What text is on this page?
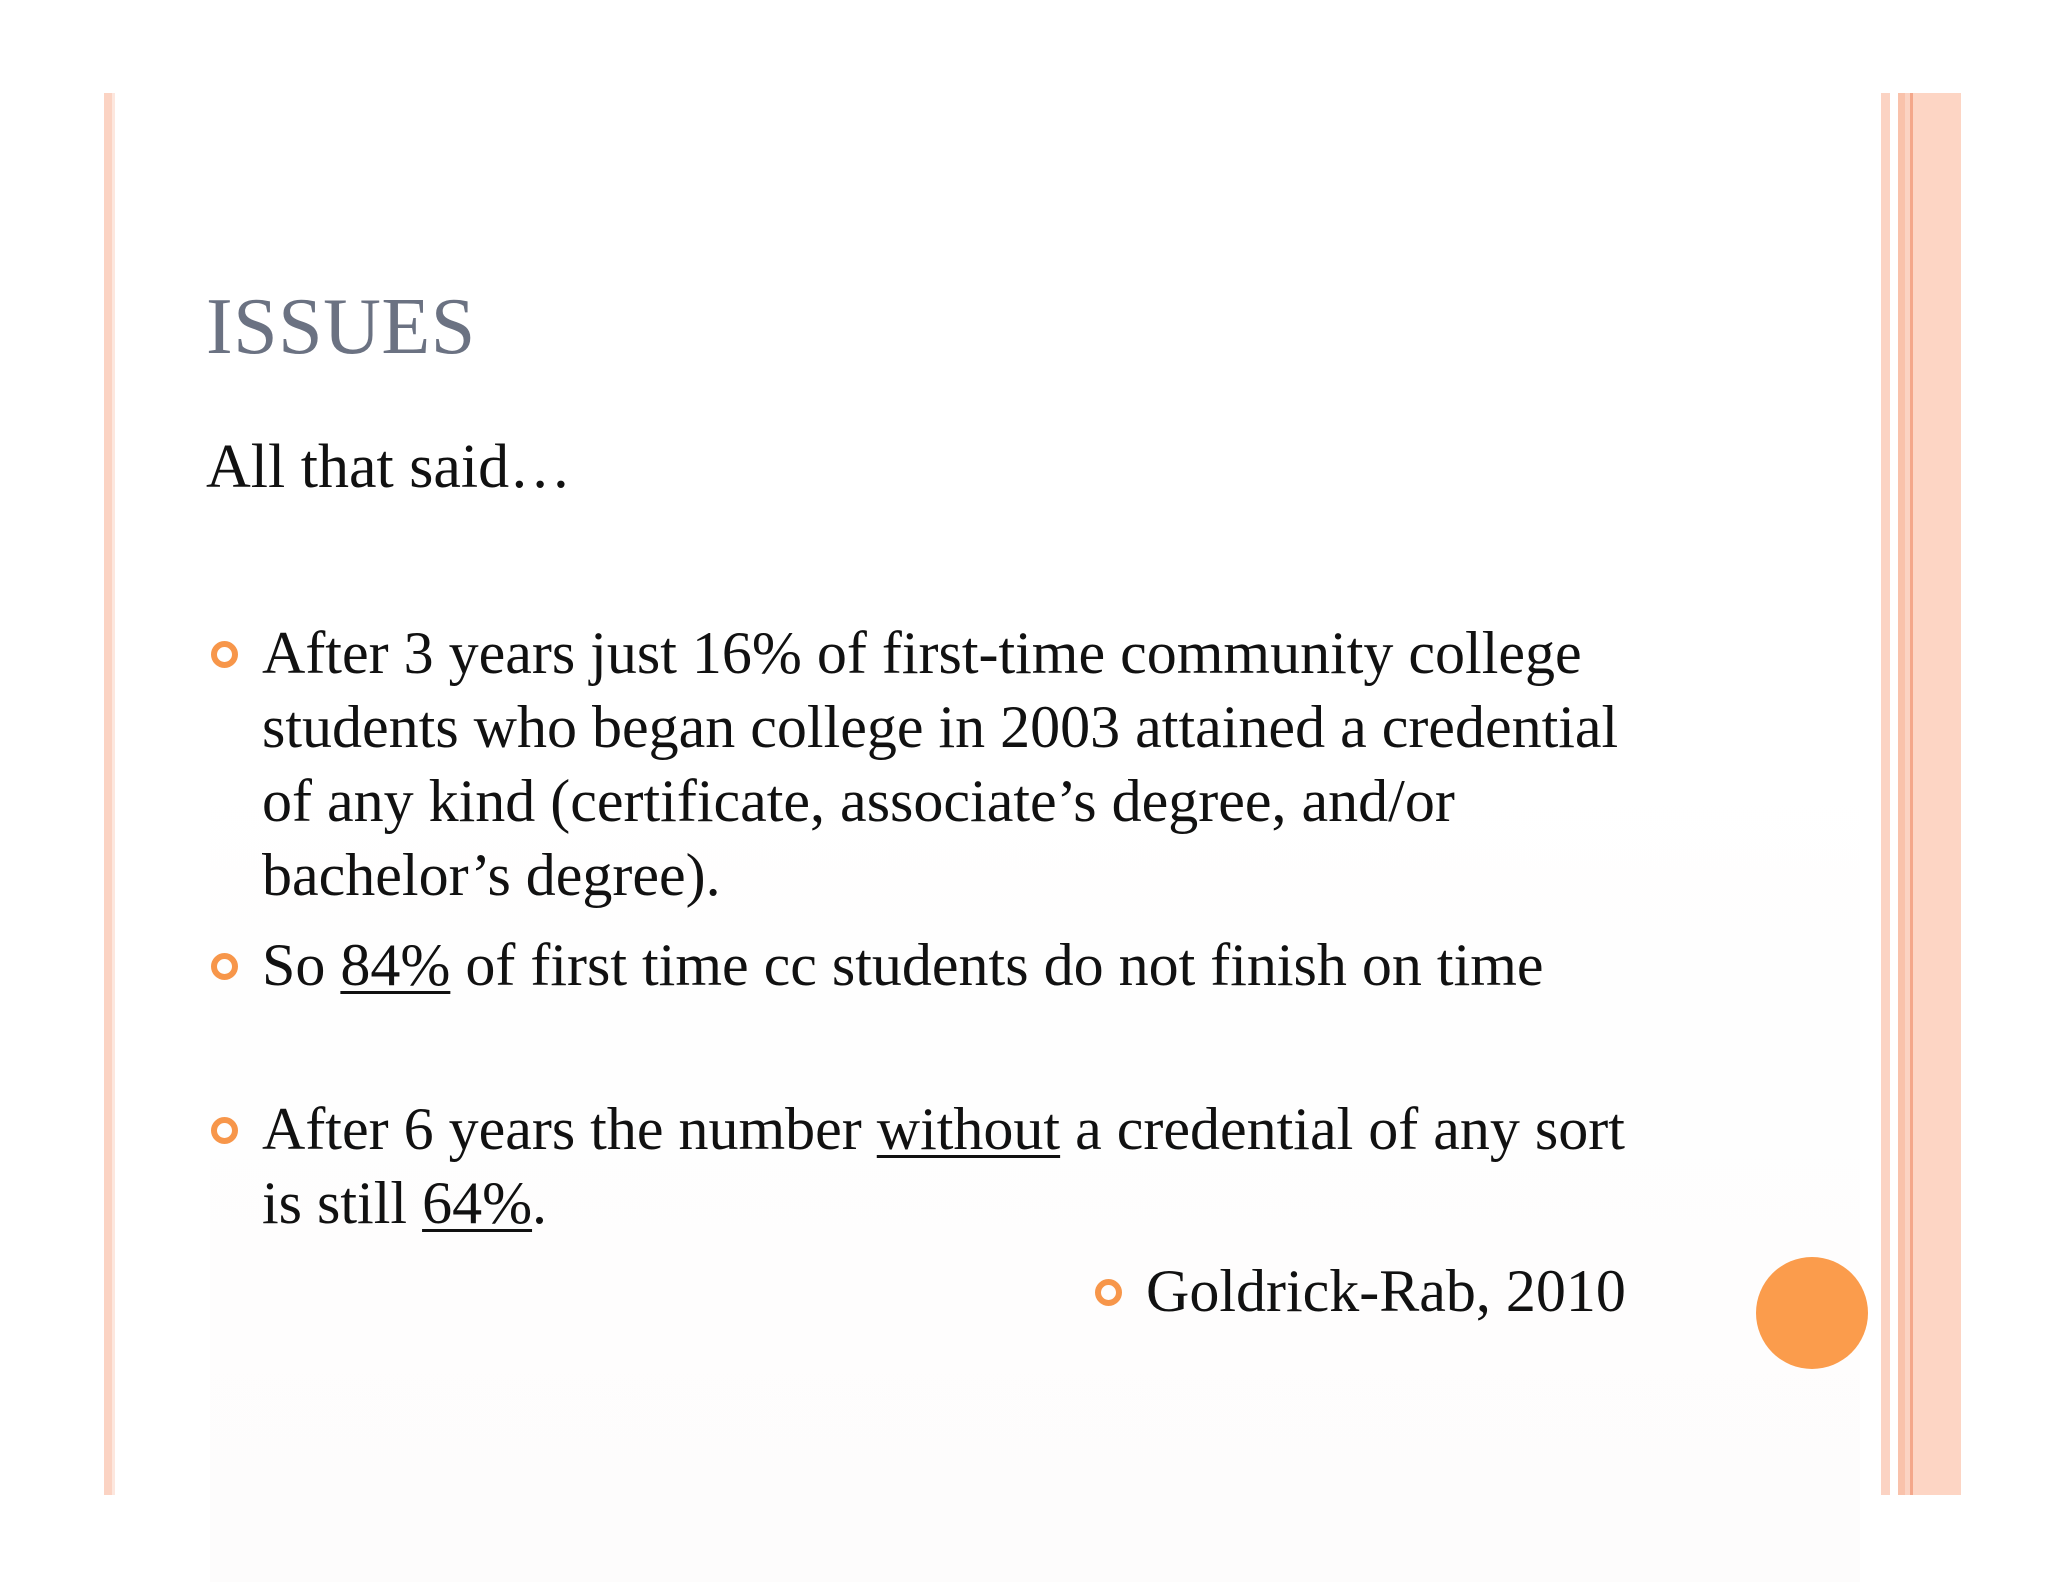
ISSUES
All that said…
After 3 years just 16% of first-time community college students who began college in 2003 attained a credential of any kind (certificate, associate’s degree, and/or bachelor’s degree).
So 84% of first time cc students do not finish on time
After 6 years the number without a credential of any sort is still 64%.
Goldrick-Rab, 2010
